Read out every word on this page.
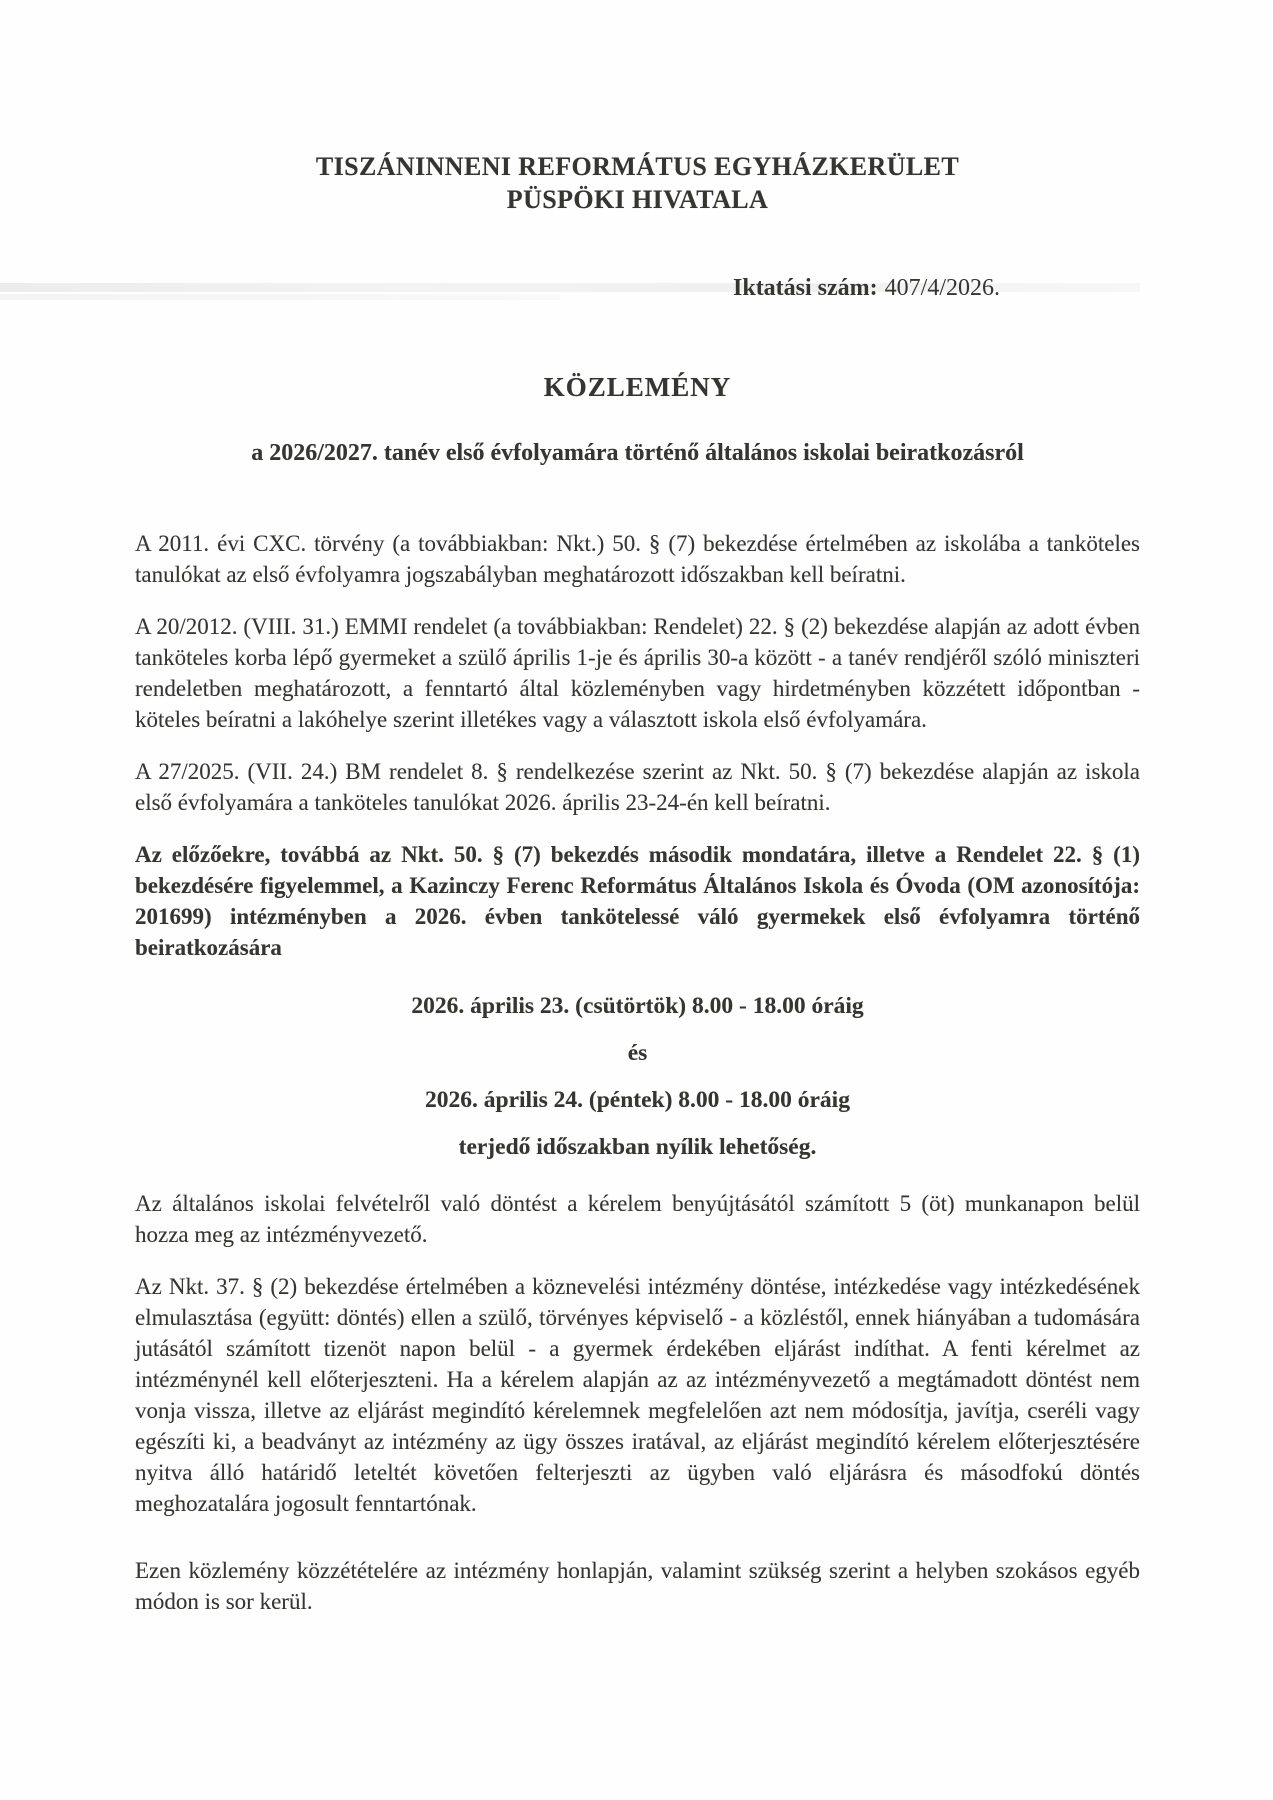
TISZÁNINNENI REFORMÁTUS EGYHÁZKERÜLET
PÜSPÖKI HIVATALA
Iktatási szám: 407/4/2026.
KÖZLEMÉNY
a 2026/2027. tanév első évfolyamára történő általános iskolai beiratkozásról

A 2011. évi CXC. törvény (a továbbiakban: Nkt.) 50. § (7) bekezdése értelmében az iskolába a tanköteles tanulókat az első évfolyamra jogszabályban meghatározott időszakban kell beíratni.

A 20/2012. (VIII. 31.) EMMI rendelet (a továbbiakban: Rendelet) 22. § (2) bekezdése alapján az adott évben tanköteles korba lépő gyermeket a szülő április 1-je és április 30-a között - a tanév rendjéről szóló miniszteri rendeletben meghatározott, a fenntartó által közleményben vagy hirdetményben közzétett időpontban - köteles beíratni a lakóhelye szerint illetékes vagy a választott iskola első évfolyamára.

A 27/2025. (VII. 24.) BM rendelet 8. § rendelkezése szerint az Nkt. 50. § (7) bekezdése alapján az iskola első évfolyamára a tanköteles tanulókat 2026. április 23-24-én kell beíratni.

Az előzőekre, továbbá az Nkt. 50. § (7) bekezdés második mondatára, illetve a Rendelet 22. § (1) bekezdésére figyelemmel, a Kazinczy Ferenc Református Általános Iskola és Óvoda (OM azonosítója: 201699) intézményben a 2026. évben tankötelessé váló gyermekek első évfolyamra történő beiratkozására

2026. április 23. (csütörtök) 8.00 - 18.00 óráig
és
2026. április 24. (péntek) 8.00 - 18.00 óráig
terjedő időszakban nyílik lehetőség.

Az általános iskolai felvételről való döntést a kérelem benyújtásától számított 5 (öt) munkanapon belül hozza meg az intézményvezető.

Az Nkt. 37. § (2) bekezdése értelmében a köznevelési intézmény döntése, intézkedése vagy intézkedésének elmulasztása (együtt: döntés) ellen a szülő, törvényes képviselő - a közléstől, ennek hiányában a tudomására jutásától számított tizenöt napon belül - a gyermek érdekében eljárást indíthat. A fenti kérelmet az intézménynél kell előterjeszteni. Ha a kérelem alapján az az intézményvezető a megtámadott döntést nem vonja vissza, illetve az eljárást megindító kérelemnek megfelelően azt nem módosítja, javítja, cseréli vagy egészíti ki, a beadványt az intézmény az ügy összes iratával, az eljárást megindító kérelem előterjesztésére nyitva álló határidő leteltét követően felterjeszti az ügyben való eljárásra és másodfokú döntés meghozatalára jogosult fenntartónak.

Ezen közlemény közzétételére az intézmény honlapján, valamint szükség szerint a helyben szokásos egyéb módon is sor kerül.
